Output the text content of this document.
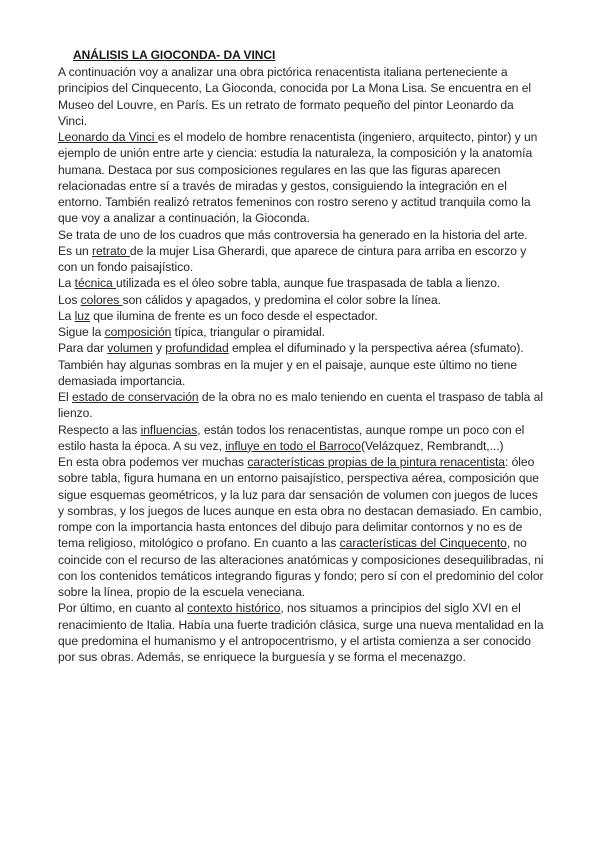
ANÁLISIS LA GIOCONDA- DA VINCI

A continuación voy a analizar una obra pictórica renacentista italiana perteneciente a principios del Cinquecento, La Gioconda, conocida por La Mona Lisa. Se encuentra en el Museo del Louvre, en París. Es un retrato de formato pequeño del pintor Leonardo da Vinci.

Leonardo da Vinci es el modelo de hombre renacentista (ingeniero, arquitecto, pintor) y un ejemplo de unión entre arte y ciencia: estudia la naturaleza, la composición y la anatomía humana. Destaca por sus composiciones regulares en las que las figuras aparecen relacionadas entre sí a través de miradas y gestos, consiguiendo la integración en el entorno. También realizó retratos femeninos con rostro sereno y actitud tranquila como la que voy a analizar a continuación, la Gioconda.

Se trata de uno de los cuadros que más controversia ha generado en la historia del arte. Es un retrato de la mujer Lisa Gherardi, que aparece de cintura para arriba en escorzo y con un fondo paisajístico.

La técnica utilizada es el óleo sobre tabla, aunque fue traspasada de tabla a lienzo.

Los colores son cálidos y apagados, y predomina el color sobre la línea.

La luz que ilumina de frente es un foco desde el espectador.

Sigue la composición típica, triangular o piramidal.

Para dar volumen y profundidad emplea el difuminado y la perspectiva aérea (sfumato). También hay algunas sombras en la mujer y en el paisaje, aunque este último no tiene demasiada importancia.

El estado de conservación de la obra no es malo teniendo en cuenta el traspaso de tabla al lienzo.

Respecto a las influencias, están todos los renacentistas, aunque rompe un poco con el estilo hasta la época. A su vez, influye en todo el Barroco(Velázquez, Rembrandt,...)

En esta obra podemos ver muchas características propias de la pintura renacentista: óleo sobre tabla, figura humana en un entorno paisajístico, perspectiva aérea, composición que sigue esquemas geométricos, y la luz para dar sensación de volumen con juegos de luces y sombras, y los juegos de luces aunque en esta obra no destacan demasiado. En cambio, rompe con la importancia hasta entonces del dibujo para delimitar contornos y no es de tema religioso, mitológico o profano. En cuanto a las características del Cinquecento, no coincide con el recurso de las alteraciones anatómicas y composiciones desequilibradas, ni con los contenidos temáticos integrando figuras y fondo; pero sí con el predominio del color sobre la línea, propio de la escuela veneciana.

Por último, en cuanto al contexto histórico, nos situamos a principios del siglo XVI en el renacimiento de Italia. Había una fuerte tradición clásica, surge una nueva mentalidad en la que predomina el humanismo y el antropocentrismo, y el artista comienza a ser conocido por sus obras. Además, se enriquece la burguesía y se forma el mecenazgo.
